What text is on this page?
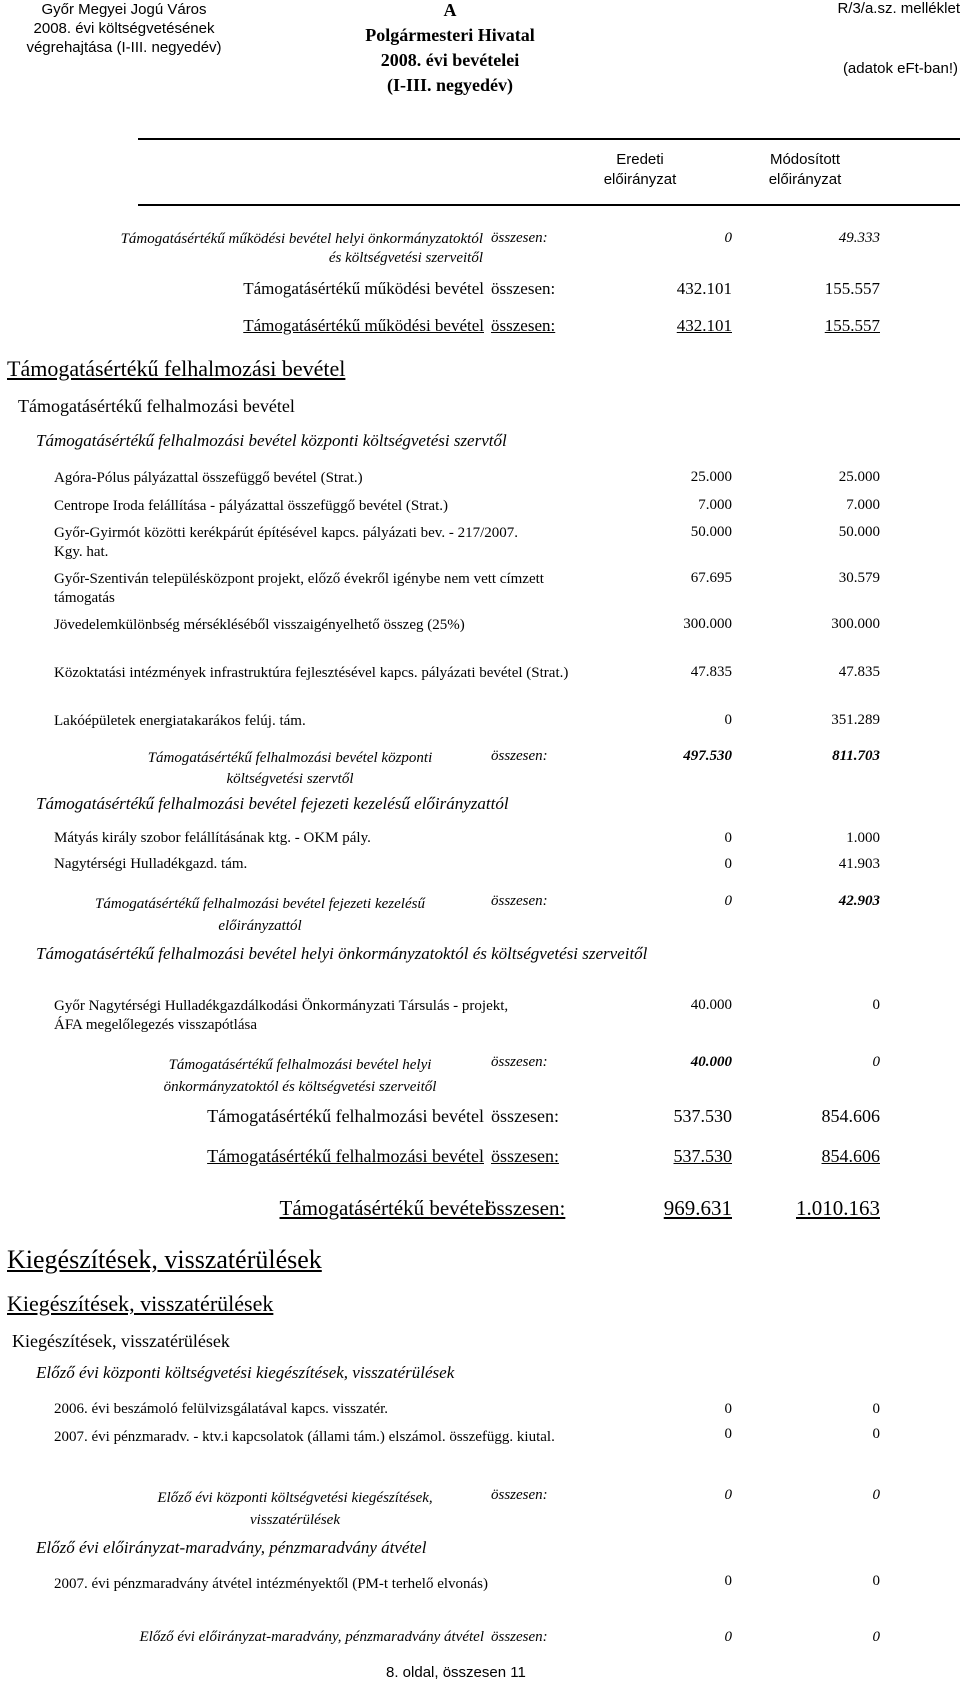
Győr Megyei Jogú Város
2008. évi költségvetésének
végrehajtása (I-III. negyedév)
A
Polgármesteri Hivatal
2008. évi bevételei
(I-III. negyedév)
R/3/a.sz. melléklet
(adatok eFt-ban!)
Eredeti
előirányzat
Módosított
előirányzat
Támogatásértékű működési bevétel helyi önkormányzatoktól és költségvetési szerveitől
összesen:	0	49.333
Támogatásértékű működési bevétel összesen:	432.101	155.557
Támogatásértékű működési bevétel összesen:	432.101	155.557
Támogatásértékű felhalmozási bevétel
Támogatásértékű felhalmozási bevétel
Támogatásértékű felhalmozási bevétel központi költségvetési szervtől
Agóra-Pólus pályázattal összefüggő bevétel (Strat.)	25.000	25.000
Centrope Iroda felállítása - pályázattal összefüggő bevétel (Strat.)	7.000	7.000
Győr-Gyirmót közötti kerékpárút építésével kapcs. pályázati bev. - 217/2007. Kgy. hat.
50.000	50.000
Győr-Szentiván településközpont projekt, előző évekről igénybe nem vett címzett támogatás
67.695	30.579
Jövedelemkülönbség mérsékléséből visszaigényelhető összeg (25%)	300.000	300.000
Közoktatási intézmények infrastruktúra fejlesztésével kapcs. pályázati bevétel (Strat.)	47.835	47.835
Lakóépületek energiatakarákos felúj. tám.	0	351.289
Támogatásértékű felhalmozási bevétel központi
költségvetési szervtől
összesen:	497.530	811.703
Támogatásértékű felhalmozási bevétel fejezeti kezelésű előirányzattól
Mátyás király szobor felállításának ktg. - OKM pály.	0	1.000
Nagytérségi Hulladékgazd. tám.	0	41.903
Támogatásértékű felhalmozási bevétel fejezeti kezelésű
előirányzattól
összesen:	0	42.903
Támogatásértékű felhalmozási bevétel helyi önkormányzatoktól és költségvetési szerveitől
Győr Nagytérségi Hulladékgazdálkodási Önkormányzati Társulás - projekt, ÁFA megelőlegezés visszapótlása
40.000	0
Támogatásértékű felhalmozási bevétel helyi
önkormányzatoktól és költségvetési szerveitől
összesen:	40.000	0
Támogatásértékű felhalmozási bevétel összesen:	537.530	854.606
Támogatásértékű felhalmozási bevétel összesen:	537.530	854.606
Támogatásértékű bevétel
összesen:	969.631	1.010.163
Kiegészítések, visszatérülések
Kiegészítések, visszatérülések
Kiegészítések, visszatérülések
Előző évi központi költségvetési kiegészítések, visszatérülések
2006. évi beszámoló felülvizsgálatával kapcs. visszatér.	0	0
2007. évi pénzmaradv. - ktv.i kapcsolatok (állami tám.) elszámol. összefügg. kiutal.	0	0
Előző évi központi költségvetési kiegészítések,
visszatérülések
összesen:	0	0
Előző évi előirányzat-maradvány, pénzmaradvány átvétel
2007. évi pénzmaradvány átvétel intézményektől (PM-t terhelő elvonás)	0	0
Előző évi előirányzat-maradvány, pénzmaradvány átvétel összesen:	0	0
8. oldal, összesen 11
